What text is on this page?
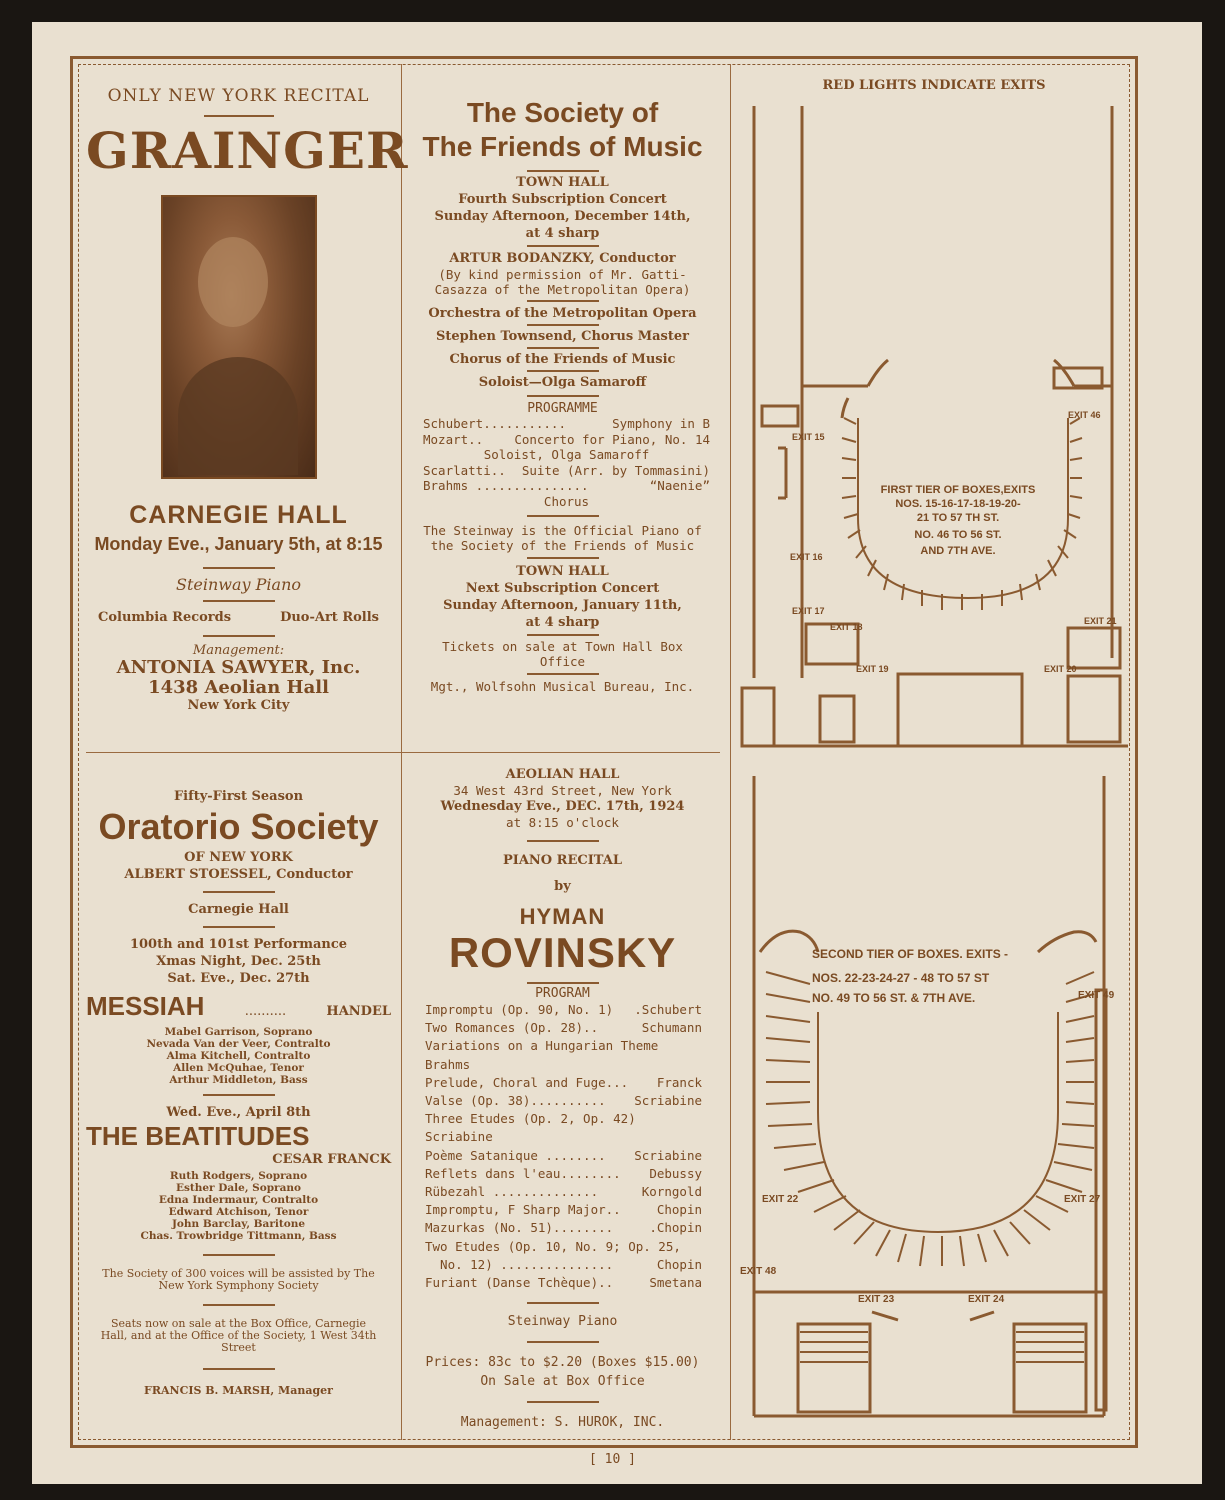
ONLY NEW YORK RECITAL
GRAINGER
CARNEGIE HALL
Monday Eve., January 5th, at 8:15
Steinway Piano
Columbia Records	Duo-Art Rolls
Management:
ANTONIA SAWYER, Inc.
1438 Aeolian Hall
New York City
The Society of
The Friends of Music
TOWN HALL
Fourth Subscription Concert
Sunday Afternoon, December 14th,
at 4 sharp
ARTUR BODANZKY, Conductor
(By kind permission of Mr. Gatti-Casazza of the Metropolitan Opera)
Orchestra of the Metropolitan Opera
Stephen Townsend, Chorus Master
Chorus of the Friends of Music
Soloist—Olga Samaroff
PROGRAMME
Schubert...........	Symphony in B
Mozart.. Concerto for Piano, No. 14
Soloist, Olga Samaroff
Scarlatti.. Suite (Arr. by Tommasini)
Brahms ...............	“Naenie”
Chorus
The Steinway is the Official Piano of the Society of the Friends of Music
TOWN HALL
Next Subscription Concert
Sunday Afternoon, January 11th,
at 4 sharp
Tickets on sale at Town Hall Box Office
Mgt., Wolfsohn Musical Bureau, Inc.
Fifty-First Season
Oratorio Society
OF NEW YORK
ALBERT STOESSEL, Conductor
Carnegie Hall
100th and 101st Performance
Xmas Night, Dec. 25th
Sat. Eve., Dec. 27th
MESSIAH	..........	HANDEL
Mabel Garrison, Soprano
Nevada Van der Veer, Contralto
Alma Kitchell, Contralto
Allen McQuhae, Tenor
Arthur Middleton, Bass
Wed. Eve., April 8th
THE BEATITUDES
CESAR FRANCK
Ruth Rodgers, Soprano
Esther Dale, Soprano
Edna Indermaur, Contralto
Edward Atchison, Tenor
John Barclay, Baritone
Chas. Trowbridge Tittmann, Bass
The Society of 300 voices will be assisted by The New York Symphony Society
Seats now on sale at the Box Office, Carnegie Hall, and at the Office of the Society, 1 West 34th Street
FRANCIS B. MARSH, Manager
AEOLIAN HALL
34 West 43rd Street, New York
Wednesday Eve., DEC. 17th, 1924
at 8:15 o'clock
PIANO RECITAL
by
HYMAN
ROVINSKY
PROGRAM
Impromptu (Op. 90, No. 1) .Schubert
Two Romances (Op. 28)..	Schumann
Variations on a Hungarian Theme
Brahms
Prelude, Choral and Fuge... Franck
Valse (Op. 38).......... Scriabine
Three Etudes (Op. 2, Op. 42)
Scriabine
Poème Satanique ........ Scriabine
Reflets dans l'eau........ Debussy
Rübezahl ..............	Korngold
Impromptu, F Sharp Major..	Chopin
Mazurkas (No. 51)........	.Chopin
Two Etudes (Op. 10, No. 9; Op. 25,
No. 12) ...............	Chopin
Furiant (Danse Tchèque)..	Smetana
Steinway Piano
Prices: 83c to $2.20 (Boxes $15.00)
On Sale at Box Office
Management: S. HUROK, INC.
RED LIGHTS INDICATE EXITS
FIRST TIER OF BOXES,EXITS
NOS. 15-16-17-18-19-20-
21 TO 57 TH ST.
NO. 46 TO 56 ST.
AND 7TH AVE.
EXIT 15
EXIT 16
EXIT 17
EXIT 18
EXIT 19	EXIT 20
EXIT 21
EXIT 46
SECOND TIER OF BOXES. EXITS -
NOS. 22-23-24-27 - 48 TO 57 ST
NO. 49 TO 56 ST. & 7TH AVE.
EXIT 22
EXIT 23	EXIT 24
EXIT 27
EXIT 48
EXIT 49
[ 10 ]
